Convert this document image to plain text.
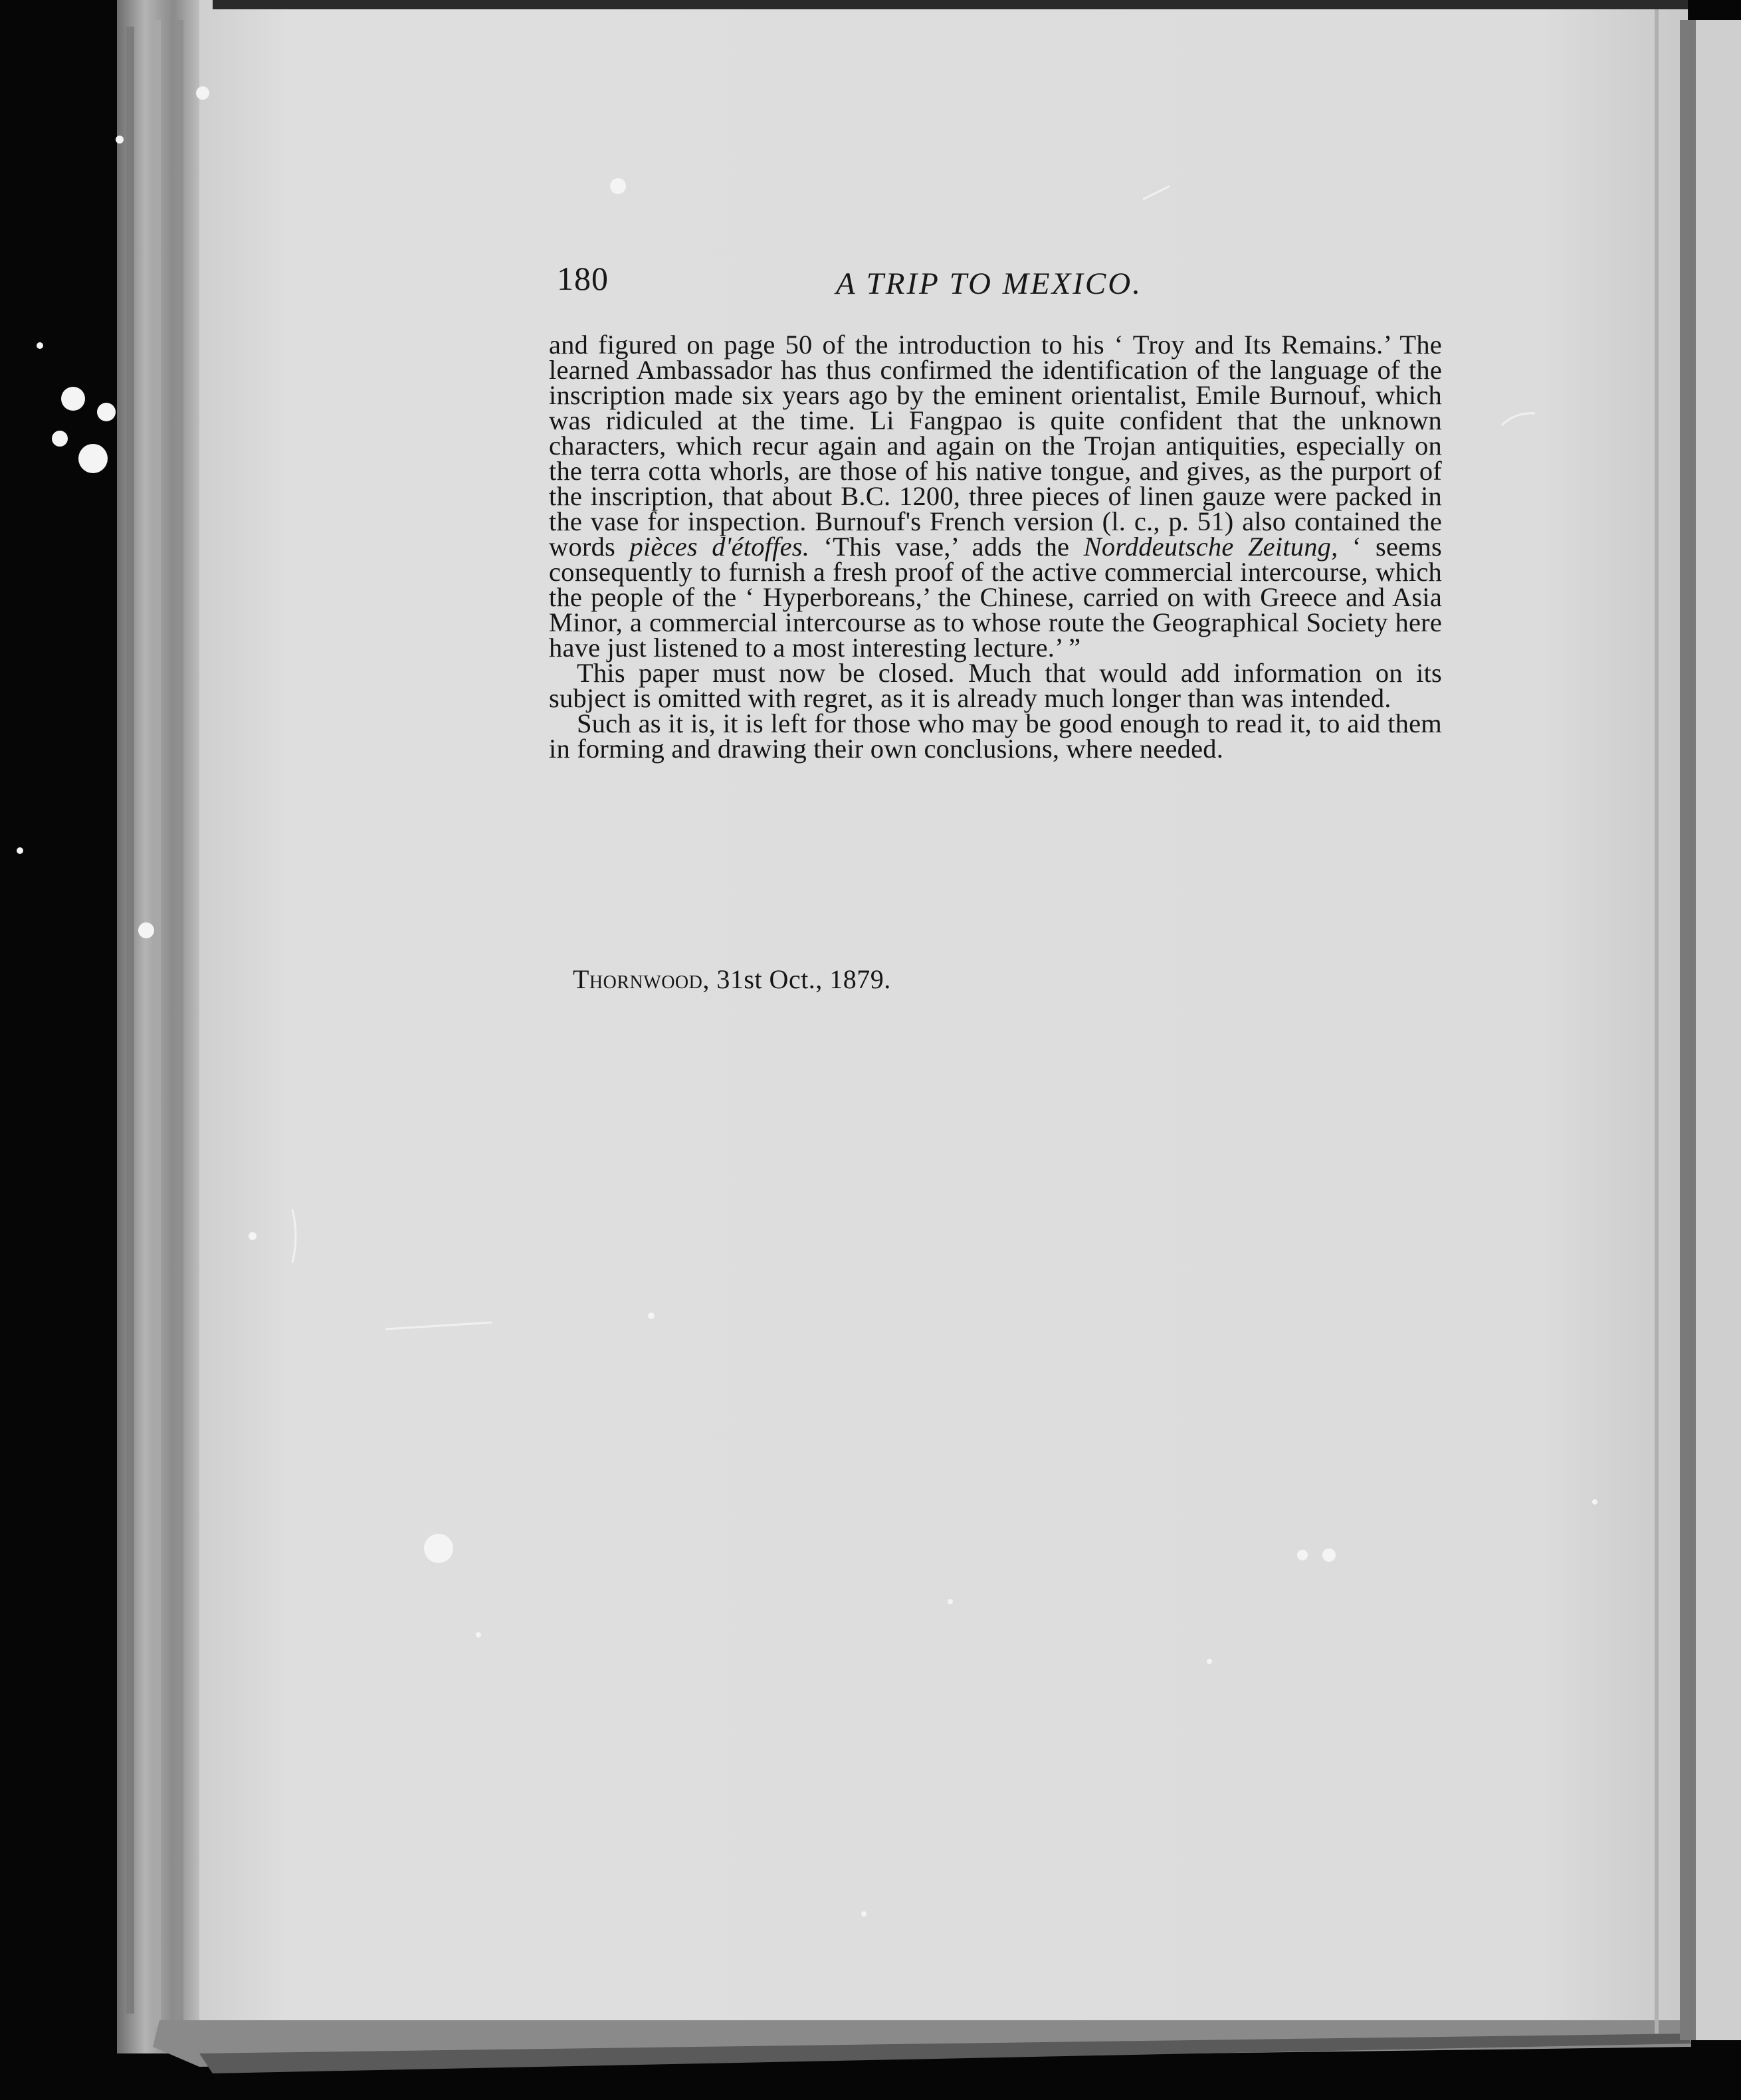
180	A TRIP TO MEXICO.

and figured on page 50 of the introduction to his ‘ Troy and Its Remains.’ The learned Ambassador has thus confirmed the identification of the language of the inscription made six years ago by the eminent orientalist, Emile Burnouf, which was ridiculed at the time. Li Fangpao is quite confident that the unknown characters, which recur again and again on the Trojan antiquities, especially on the terra cotta whorls, are those of his native tongue, and gives, as the purport of the inscription, that about B.C. 1200, three pieces of linen gauze were packed in the vase for inspection. Burnouf's French version (l. c., p. 51) also contained the words pièces d'étoffes. ‘This vase,’ adds the Norddeutsche Zeitung, ‘ seems consequently to furnish a fresh proof of the active commercial intercourse, which the people of the ‘ Hyperboreans,’ the Chinese, carried on with Greece and Asia Minor, a commercial intercourse as to whose route the Geographical Society here have just listened to a most interesting lecture.’ ”

This paper must now be closed. Much that would add information on its subject is omitted with regret, as it is already much longer than was intended.

Such as it is, it is left for those who may be good enough to read it, to aid them in forming and drawing their own conclusions, where needed.

Thornwood, 31st Oct., 1879.
